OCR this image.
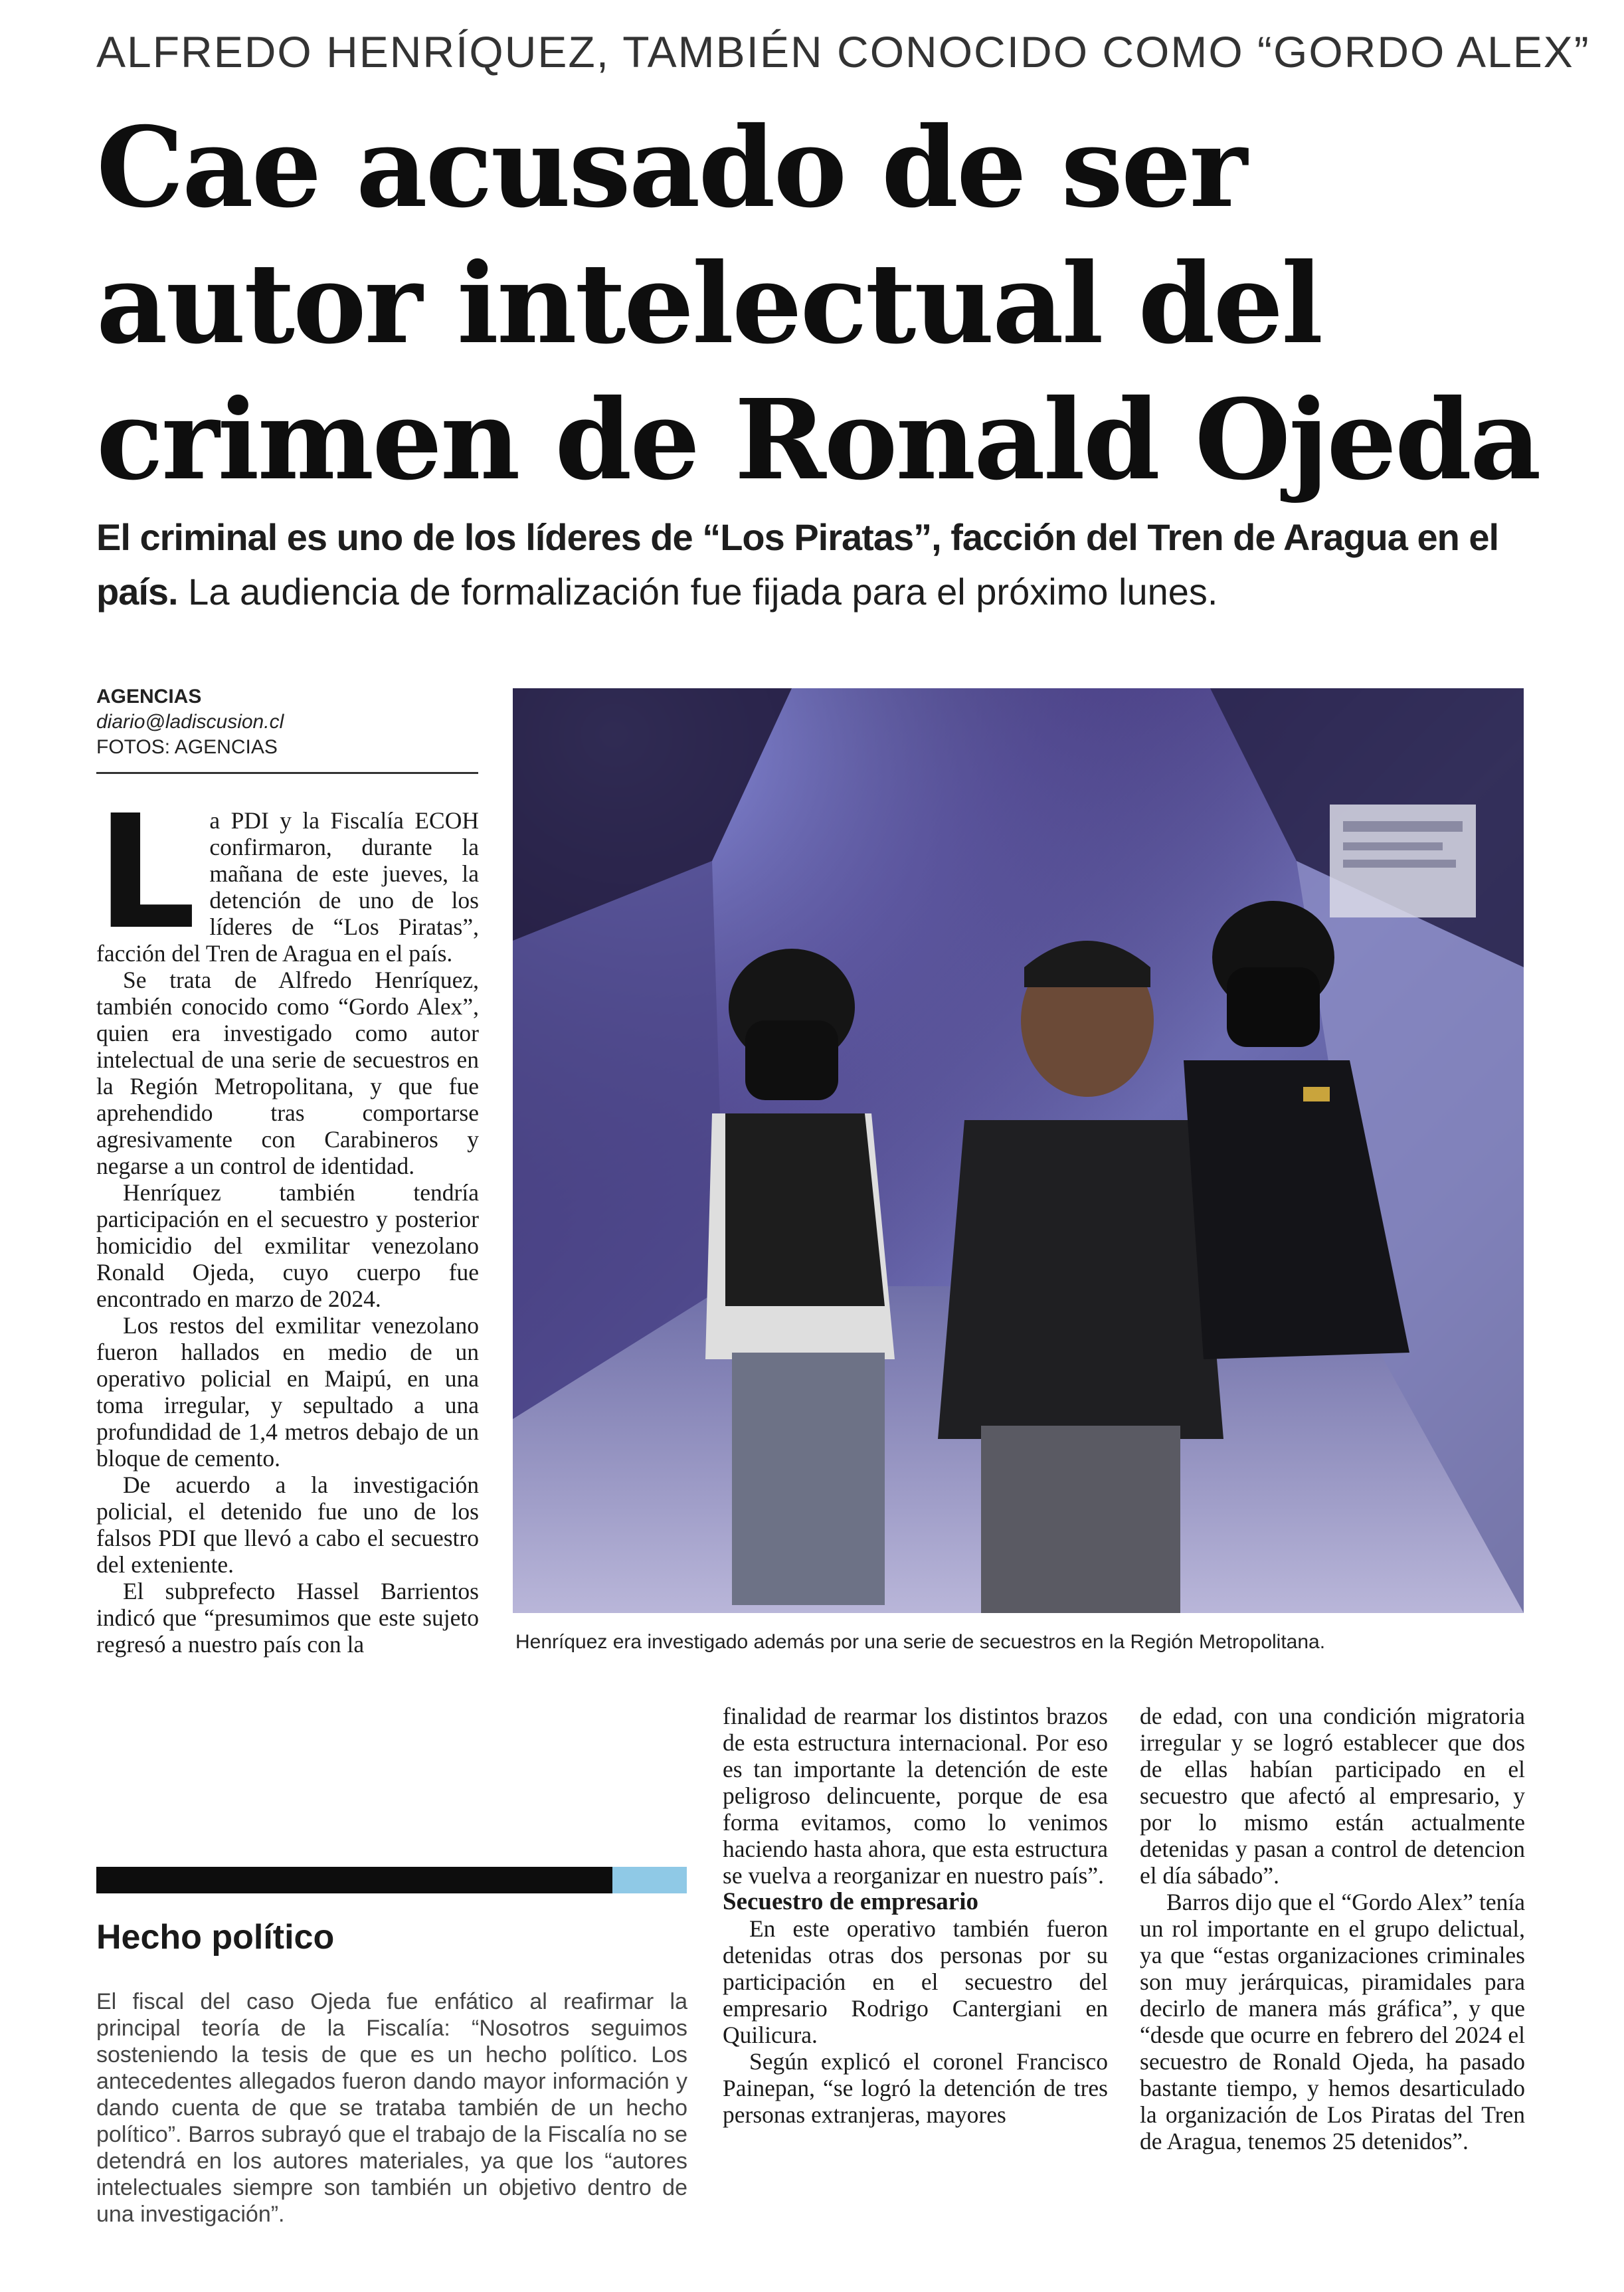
ALFREDO HENRÍQUEZ, TAMBIÉN CONOCIDO COMO “GORDO ALEX”
Cae acusado de ser
autor intelectual del
crimen de Ronald Ojeda
El criminal es uno de los líderes de “Los Piratas”, facción del Tren de Aragua en el país. La audiencia de formalización fue fijada para el próximo lunes.
AGENCIAS
diario@ladiscusion.cl
FOTOS: AGENCIAS
Henríquez era investigado además por una serie de secuestros en la Región Metropolitana.
L a PDI y la Fiscalía ECOH confirmaron, durante la mañana de este jueves, la detención de uno de los líderes de “Los Piratas”, facción del Tren de Aragua en el país.

Se trata de Alfredo Henríquez, también conocido como “Gordo Alex”, quien era investigado como autor intelectual de una serie de secuestros en la Región Metropolitana, y que fue aprehendido tras comportarse agresivamente con Carabineros y negarse a un control de identidad.

Henríquez también tendría participación en el secuestro y posterior homicidio del exmilitar venezolano Ronald Ojeda, cuyo cuerpo fue encontrado en marzo de 2024.

Los restos del exmilitar venezolano fueron hallados en medio de un operativo policial en Maipú, en una toma irregular, y sepultado a una profundidad de 1,4 metros debajo de un bloque de cemento.

De acuerdo a la investigación policial, el detenido fue uno de los falsos PDI que llevó a cabo el secuestro del exteniente.

El subprefecto Hassel Barrientos indicó que “presumimos que este sujeto regresó a nuestro país con la

finalidad de rearmar los distintos brazos de esta estructura internacional. Por eso es tan importante la detención de este peligroso delincuente, porque de esa forma evitamos, como lo venimos haciendo hasta ahora, que esta estructura se vuelva a reorganizar en nuestro país”.

Secuestro de empresario

En este operativo también fueron detenidas otras dos personas por su participación en el secuestro del empresario Rodrigo Cantergiani en Quilicura.

Según explicó el coronel Francisco Painepan, “se logró la detención de tres personas extranjeras, mayores

de edad, con una condición migratoria irregular y se logró establecer que dos de ellas habían participado en el secuestro que afectó al empresario, y por lo mismo están actualmente detenidas y pasan a control de detencion el día sábado”.

Barros dijo que el “Gordo Alex” tenía un rol importante en el grupo delictual, ya que “estas organizaciones criminales son muy jerárquicas, piramidales para decirlo de manera más gráfica”, y que “desde que ocurre en febrero del 2024 el secuestro de Ronald Ojeda, ha pasado bastante tiempo, y hemos desarticulado la organización de Los Piratas del Tren de Aragua, tenemos 25 detenidos”.

Hecho político

El fiscal del caso Ojeda fue enfático al reafirmar la principal teoría de la Fiscalía: “Nosotros seguimos sosteniendo la tesis de que es un hecho político. Los antecedentes allegados fueron dando mayor información y dando cuenta de que se trataba también de un hecho político”. Barros subrayó que el trabajo de la Fiscalía no se detendrá en los autores materiales, ya que los “autores intelectuales siempre son también un objetivo dentro de una investigación”.
